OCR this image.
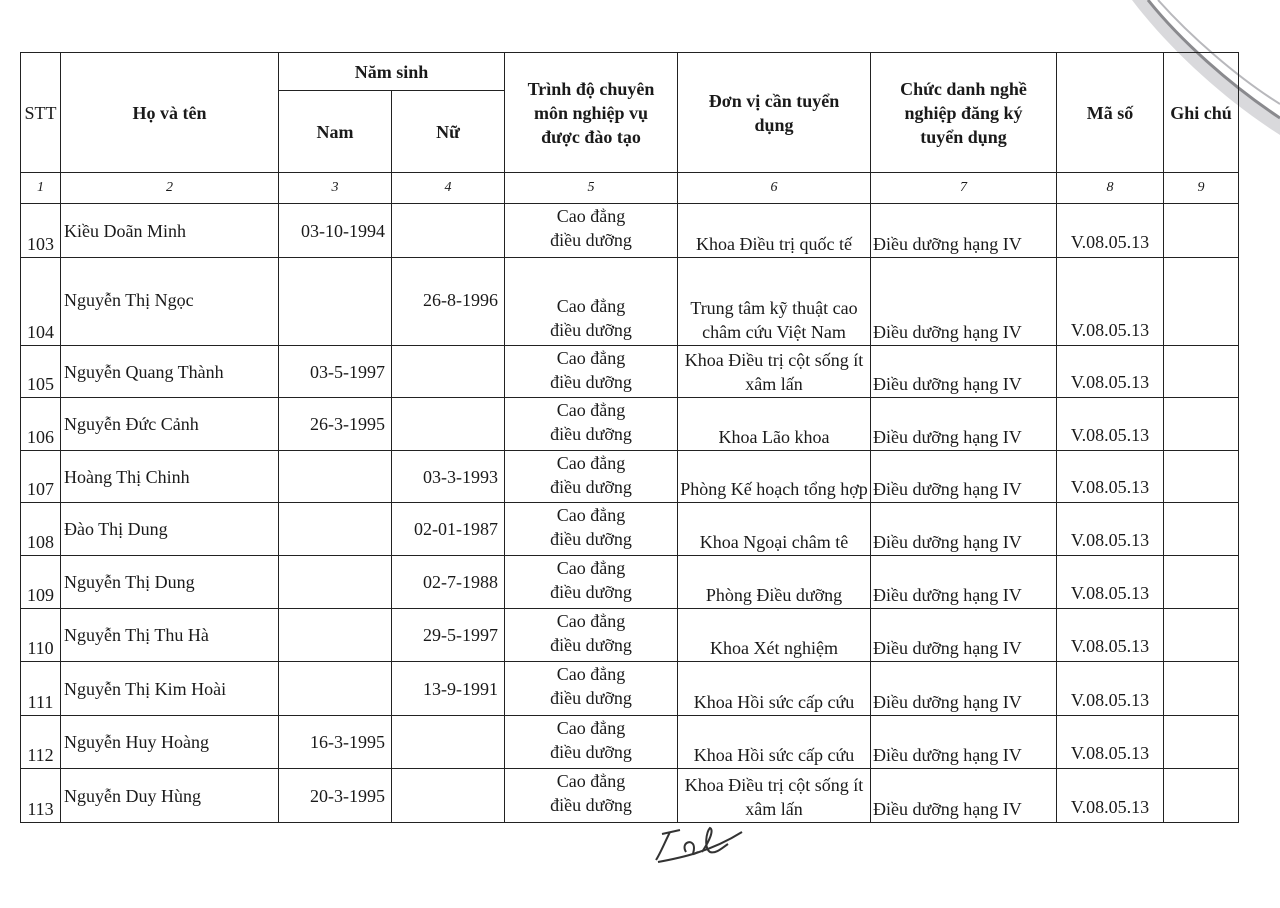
STT	Họ và tên	Năm sinh		Trình độ chuyên môn nghiệp vụ được đào tạo	Đơn vị cần tuyển dụng	Chức danh nghề nghiệp đăng ký tuyển dụng	Mã số	Ghi chú
		Nam	Nữ					
1	2	3	4	5	6	7	8	9
103	Kiều Doãn Minh	03-10-1994		Cao đẳng
điều dưỡng	Khoa Điều trị quốc tế	Điều dưỡng hạng IV	V.08.05.13	
104	Nguyễn Thị Ngọc		26-8-1996	Cao đẳng
điều dưỡng	Trung tâm kỹ thuật cao châm cứu Việt Nam	Điều dưỡng hạng IV	V.08.05.13	
105	Nguyễn Quang Thành	03-5-1997		Cao đẳng
điều dưỡng	Khoa Điều trị cột sống ít xâm lấn	Điều dưỡng hạng IV	V.08.05.13	
106	Nguyễn Đức Cảnh	26-3-1995		Cao đẳng
điều dưỡng	Khoa Lão khoa	Điều dưỡng hạng IV	V.08.05.13	
107	Hoàng Thị Chinh		03-3-1993	Cao đẳng
điều dưỡng	Phòng Kế hoạch tổng hợp	Điều dưỡng hạng IV	V.08.05.13	
108	Đào Thị Dung		02-01-1987	Cao đẳng
điều dưỡng	Khoa Ngoại châm tê	Điều dưỡng hạng IV	V.08.05.13	
109	Nguyễn Thị Dung		02-7-1988	Cao đẳng
điều dưỡng	Phòng Điều dưỡng	Điều dưỡng hạng IV	V.08.05.13	
110	Nguyễn Thị Thu Hà		29-5-1997	Cao đẳng
điều dưỡng	Khoa Xét nghiệm	Điều dưỡng hạng IV	V.08.05.13	
111	Nguyễn Thị Kim Hoài		13-9-1991	Cao đẳng
điều dưỡng	Khoa Hồi sức cấp cứu	Điều dưỡng hạng IV	V.08.05.13	
112	Nguyễn Huy Hoàng	16-3-1995		Cao đẳng
điều dưỡng	Khoa Hồi sức cấp cứu	Điều dưỡng hạng IV	V.08.05.13	
113	Nguyễn Duy Hùng	20-3-1995		Cao đẳng
điều dưỡng	Khoa Điều trị cột sống ít xâm lấn	Điều dưỡng hạng IV	V.08.05.13	
